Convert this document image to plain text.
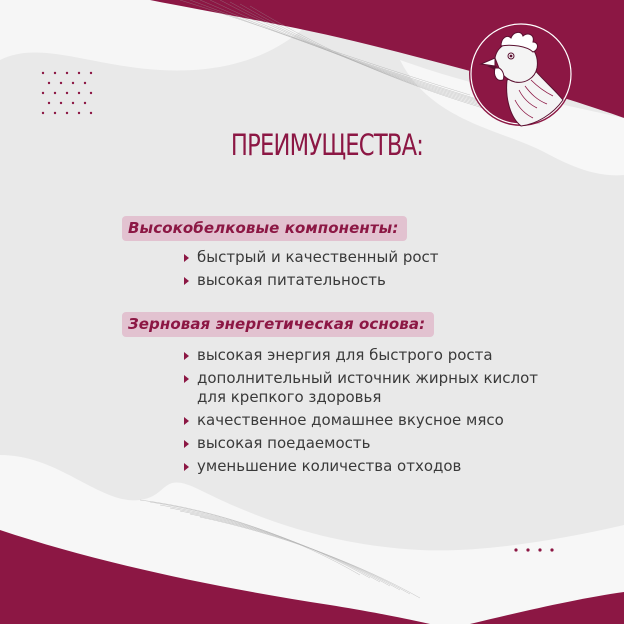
ПРЕИМУЩЕСТВА:
Высокобелковые компоненты:
быстрый и качественный рост
высокая питательность
Зерновая энергетическая основа:
высокая энергия для быстрого роста
дополнительный источник жирных кислот
для крепкого здоровья
качественное домашнее вкусное мясо
высокая поедаемость
уменьшение количества отходов
